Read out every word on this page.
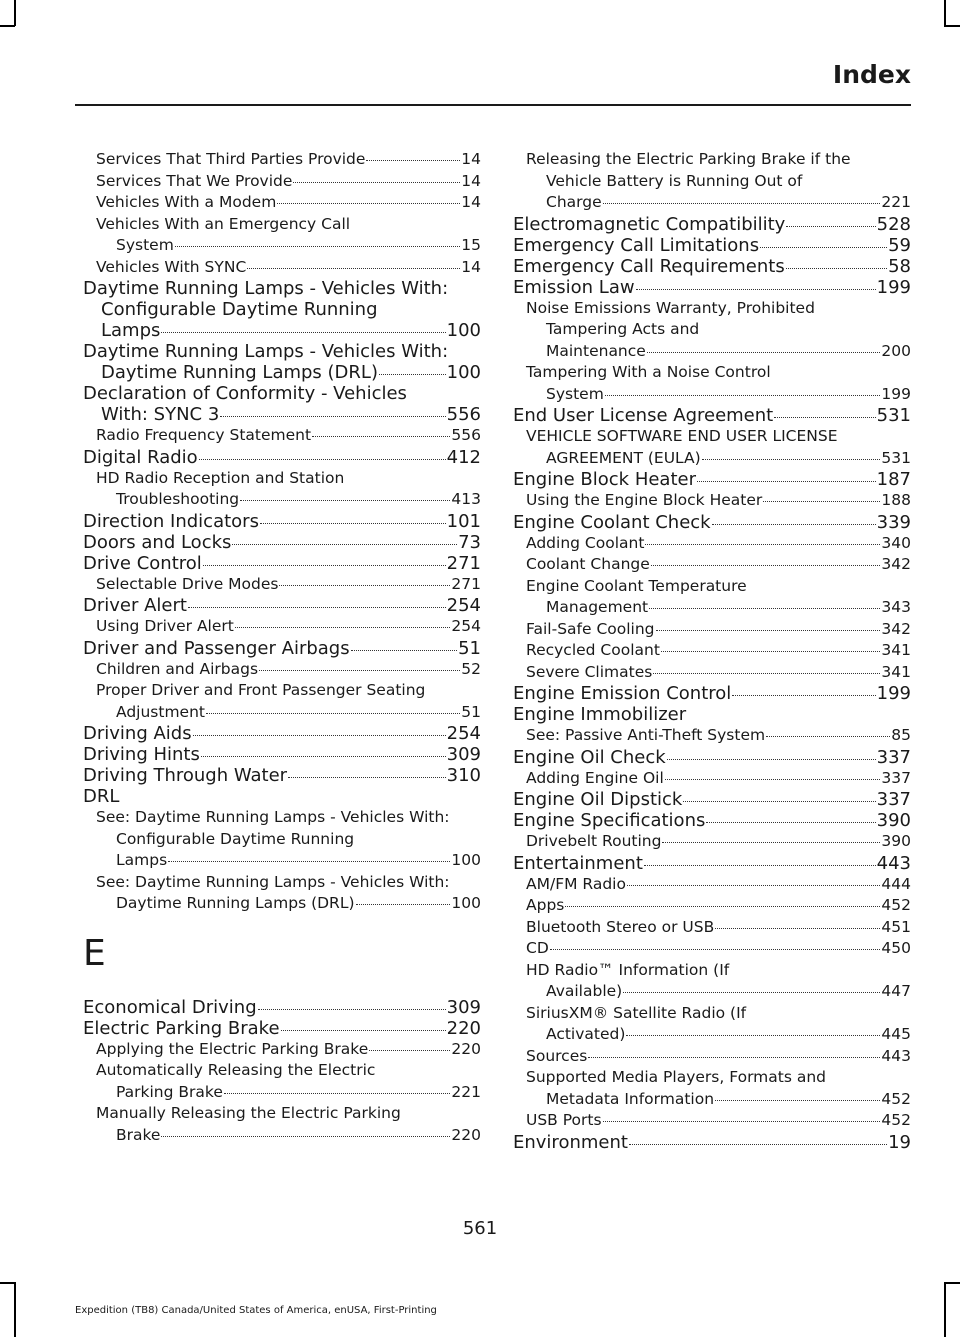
Index
Services That Third Parties Provide	14
Services That We Provide	14
Vehicles With a Modem	14
Vehicles With an Emergency Call
System	15
Vehicles With SYNC	14
Daytime Running Lamps - Vehicles With:
Configurable Daytime Running
Lamps	100
Daytime Running Lamps - Vehicles With:
Daytime Running Lamps (DRL)	100
Declaration of Conformity - Vehicles
With: SYNC 3	556
Radio Frequency Statement	556
Digital Radio	412
HD Radio Reception and Station
Troubleshooting	413
Direction Indicators	101
Doors and Locks	73
Drive Control	271
Selectable Drive Modes	271
Driver Alert	254
Using Driver Alert	254
Driver and Passenger Airbags	51
Children and Airbags	52
Proper Driver and Front Passenger Seating
Adjustment	51
Driving Aids	254
Driving Hints	309
Driving Through Water	310
DRL
See: Daytime Running Lamps - Vehicles With:
Configurable Daytime Running
Lamps	100
See: Daytime Running Lamps - Vehicles With:
Daytime Running Lamps (DRL)	100
E
Economical Driving	309
Electric Parking Brake	220
Applying the Electric Parking Brake	220
Automatically Releasing the Electric
Parking Brake	221
Manually Releasing the Electric Parking
Brake	220
Releasing the Electric Parking Brake if the
Vehicle Battery is Running Out of
Charge	221
Electromagnetic Compatibility	528
Emergency Call Limitations	59
Emergency Call Requirements	58
Emission Law	199
Noise Emissions Warranty, Prohibited
Tampering Acts and
Maintenance	200
Tampering With a Noise Control
System	199
End User License Agreement	531
VEHICLE SOFTWARE END USER LICENSE
AGREEMENT (EULA)	531
Engine Block Heater	187
Using the Engine Block Heater	188
Engine Coolant Check	339
Adding Coolant	340
Coolant Change	342
Engine Coolant Temperature
Management	343
Fail-Safe Cooling	342
Recycled Coolant	341
Severe Climates	341
Engine Emission Control	199
Engine Immobilizer
See: Passive Anti-Theft System	85
Engine Oil Check	337
Adding Engine Oil	337
Engine Oil Dipstick	337
Engine Specifications	390
Drivebelt Routing	390
Entertainment	443
AM/FM Radio	444
Apps	452
Bluetooth Stereo or USB	451
CD	450
HD Radio™ Information (If
Available)	447
SiriusXM® Satellite Radio (If
Activated)	445
Sources	443
Supported Media Players, Formats and
Metadata Information	452
USB Ports	452
Environment	19
561
Expedition (TB8) Canada/United States of America, enUSA, First-Printing
